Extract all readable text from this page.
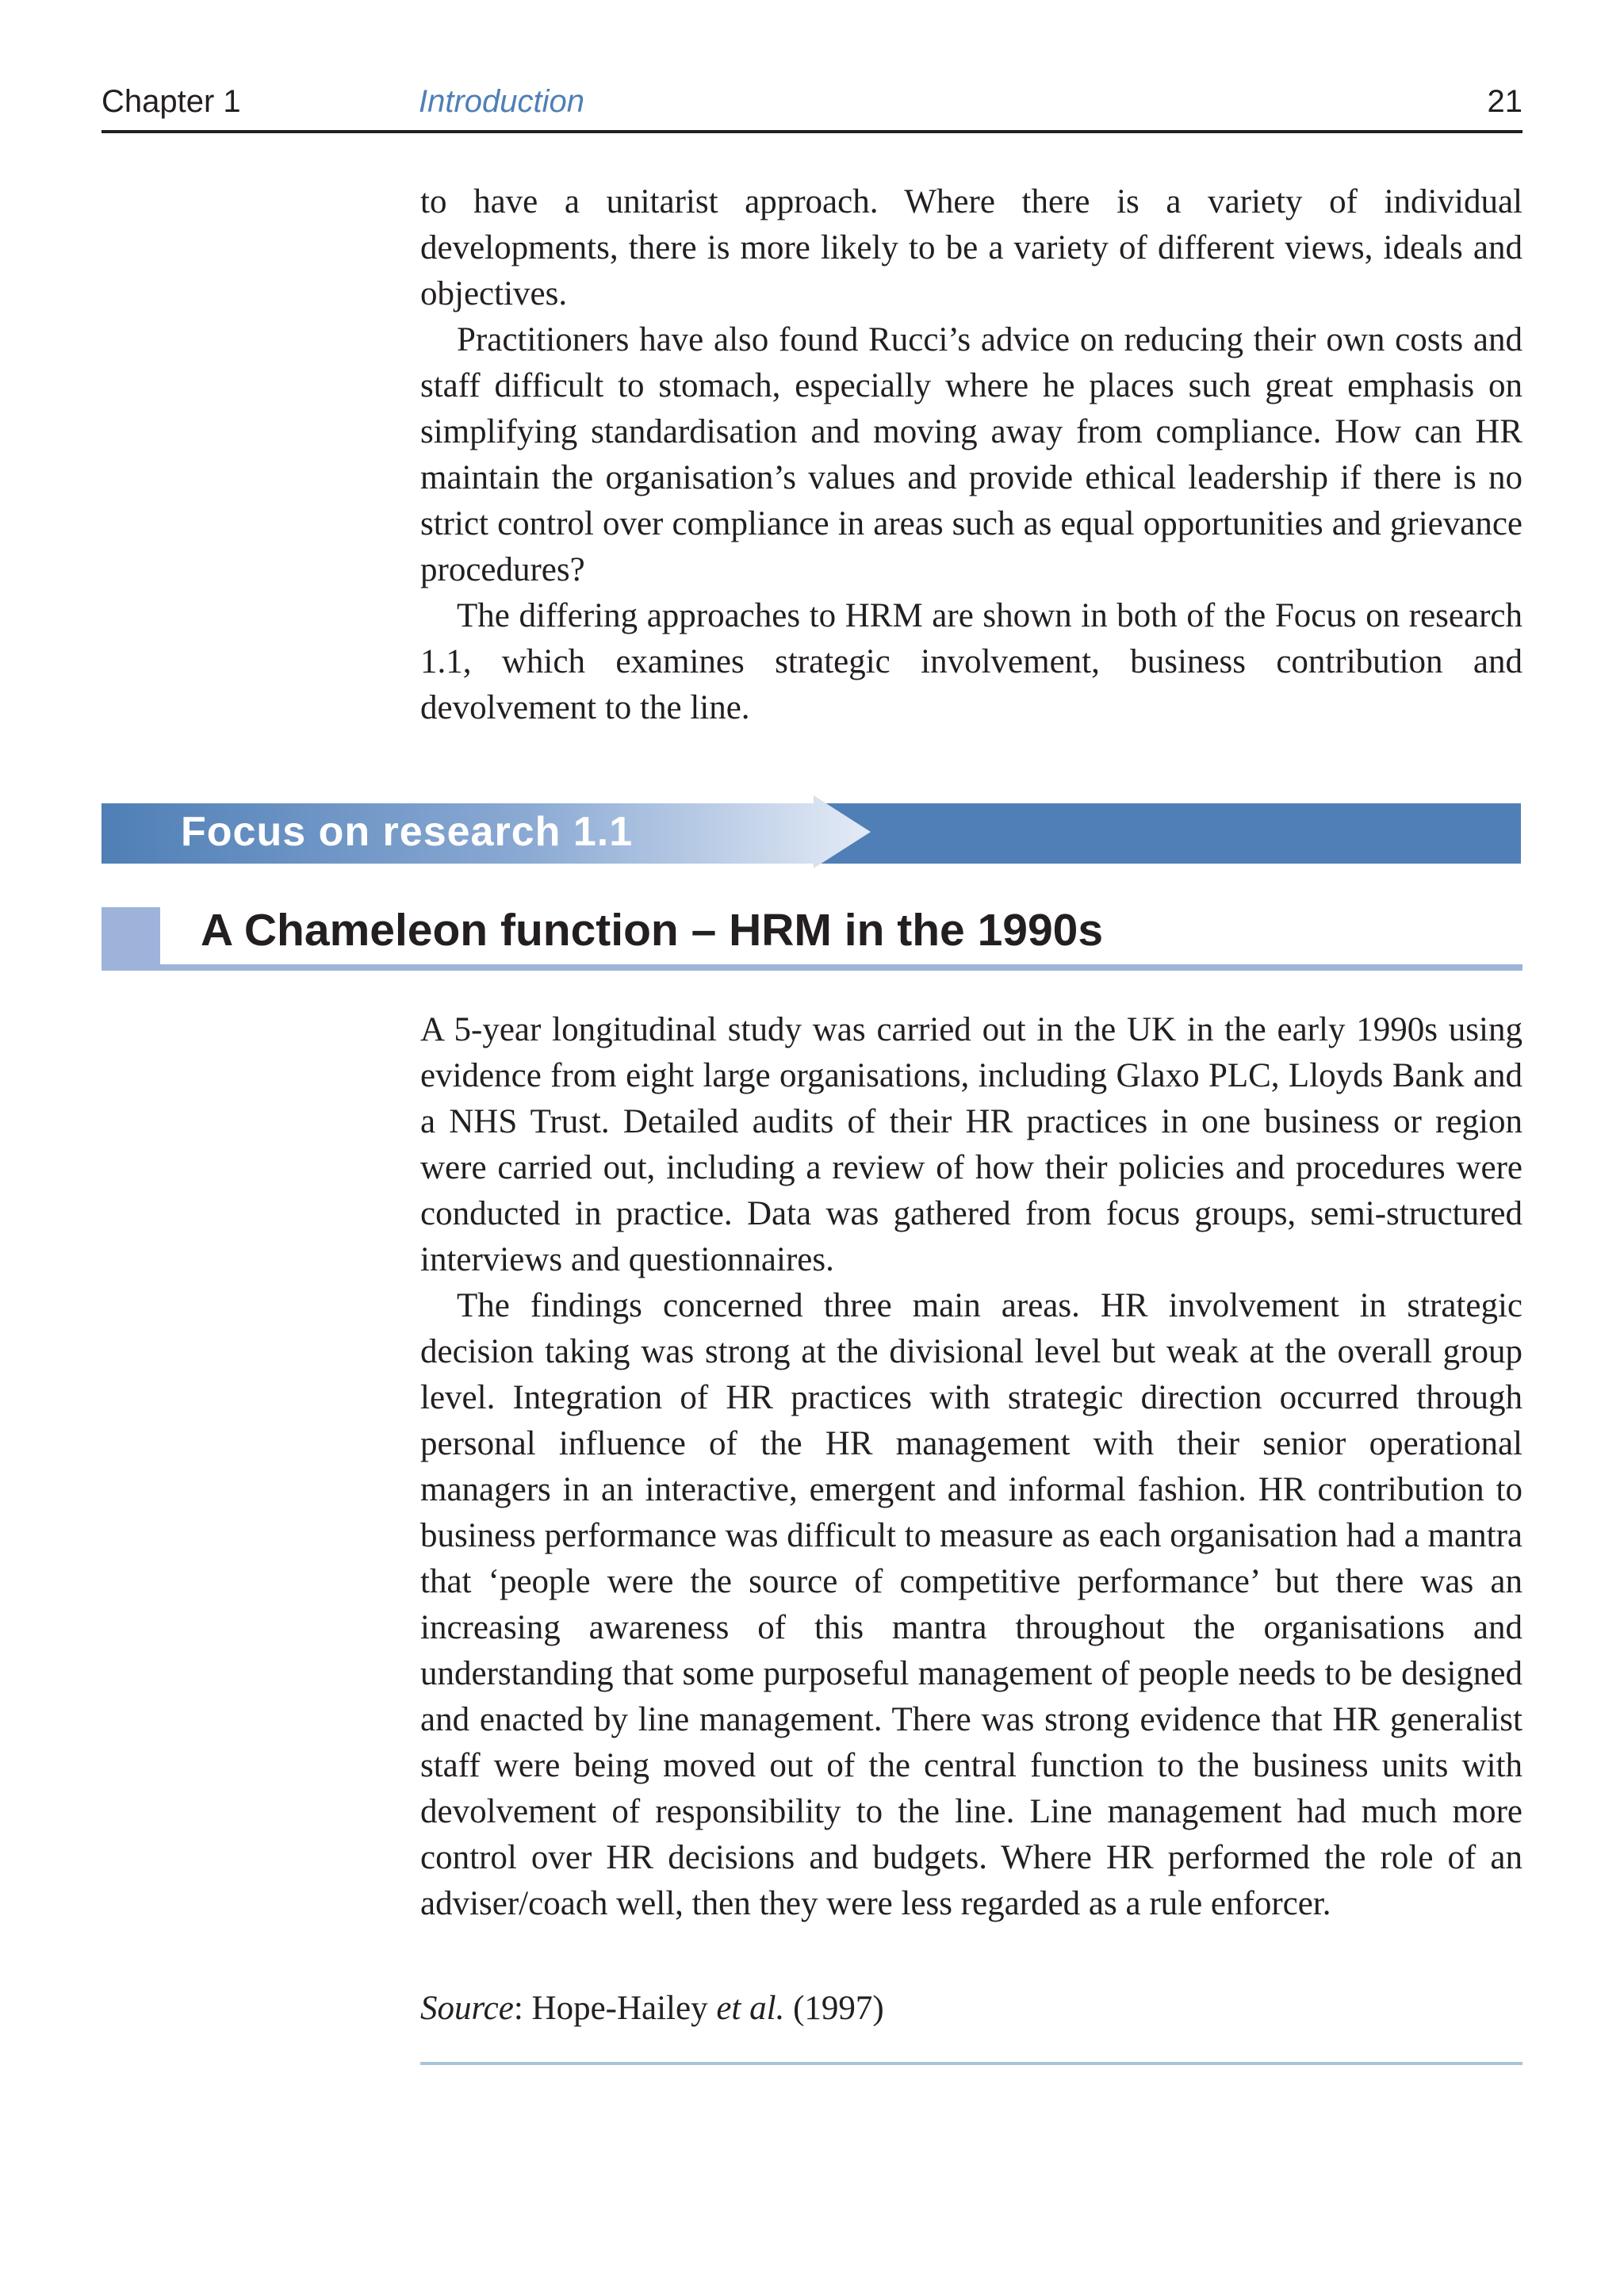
Chapter 1	Introduction	21

to have a unitarist approach. Where there is a variety of individual developments, there is more likely to be a variety of different views, ideals and objectives.

Practitioners have also found Rucci’s advice on reducing their own costs and staff difficult to stomach, especially where he places such great emphasis on simplifying standardisation and moving away from compliance. How can HR maintain the organisation’s values and provide ethical leadership if there is no strict control over compliance in areas such as equal opportunities and grievance procedures?

The differing approaches to HRM are shown in both of the Focus on research 1.1, which examines strategic involvement, business contribution and devolvement to the line.

Focus on research 1.1
A Chameleon function – HRM in the 1990s

A 5-year longitudinal study was carried out in the UK in the early 1990s using evidence from eight large organisations, including Glaxo PLC, Lloyds Bank and a NHS Trust. Detailed audits of their HR practices in one business or region were carried out, including a review of how their policies and procedures were conducted in practice. Data was gathered from focus groups, semi-structured interviews and questionnaires.

The findings concerned three main areas. HR involvement in strategic decision taking was strong at the divisional level but weak at the overall group level. Integration of HR practices with strategic direction occurred through personal influence of the HR management with their senior operational managers in an interactive, emergent and informal fashion. HR contribution to business performance was difficult to measure as each organisation had a mantra that ‘people were the source of competitive performance’ but there was an increasing awareness of this mantra throughout the organisations and understanding that some purposeful management of people needs to be designed and enacted by line management. There was strong evidence that HR generalist staff were being moved out of the central function to the business units with devolvement of responsibility to the line. Line management had much more control over HR decisions and budgets. Where HR performed the role of an adviser/coach well, then they were less regarded as a rule enforcer.

Source: Hope-Hailey et al. (1997)
